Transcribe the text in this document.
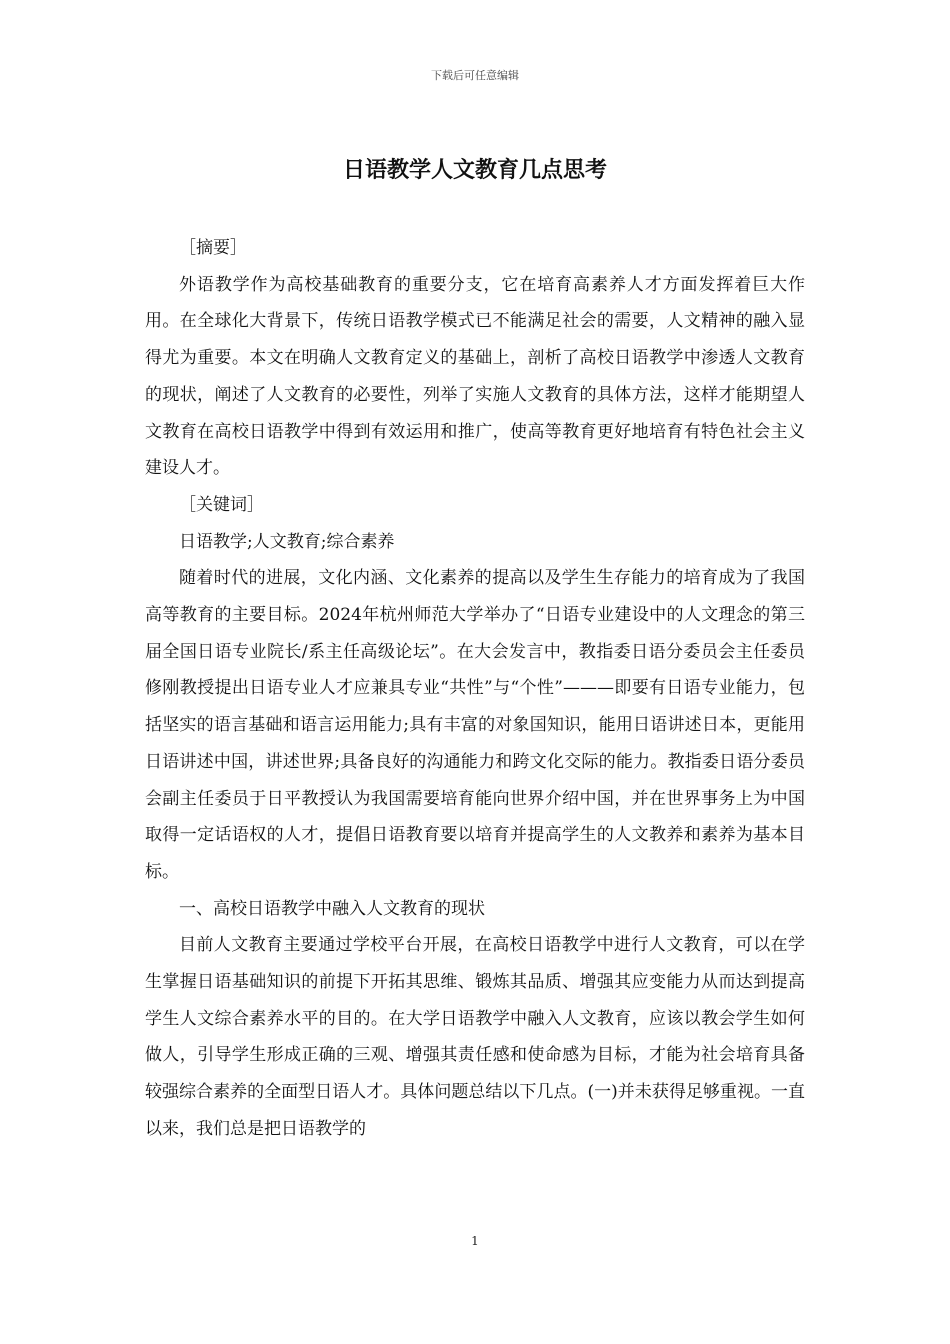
下载后可任意编辑
日语教学人文教育几点思考

［摘要］

外语教学作为高校基础教育的重要分支，它在培育高素养人才方面发挥着巨大作用。在全球化大背景下，传统日语教学模式已不能满足社会的需要，人文精神的融入显得尤为重要。本文在明确人文教育定义的基础上，剖析了高校日语教学中渗透人文教育的现状，阐述了人文教育的必要性，列举了实施人文教育的具体方法，这样才能期望人文教育在高校日语教学中得到有效运用和推广，使高等教育更好地培育有特色社会主义建设人才。

［关键词］

日语教学;人文教育;综合素养

随着时代的进展，文化内涵、文化素养的提高以及学生生存能力的培育成为了我国高等教育的主要目标。2024年杭州师范大学举办了“日语专业建设中的人文理念的第三届全国日语专业院长/系主任高级论坛”。在大会发言中，教指委日语分委员会主任委员修刚教授提出日语专业人才应兼具专业“共性”与“个性”———即要有日语专业能力，包括坚实的语言基础和语言运用能力;具有丰富的对象国知识，能用日语讲述日本，更能用日语讲述中国，讲述世界;具备良好的沟通能力和跨文化交际的能力。教指委日语分委员会副主任委员于日平教授认为我国需要培育能向世界介绍中国，并在世界事务上为中国取得一定话语权的人才，提倡日语教育要以培育并提高学生的人文教养和素养为基本目标。

一、高校日语教学中融入人文教育的现状

目前人文教育主要通过学校平台开展，在高校日语教学中进行人文教育，可以在学生掌握日语基础知识的前提下开拓其思维、锻炼其品质、增强其应变能力从而达到提高学生人文综合素养水平的目的。在大学日语教学中融入人文教育，应该以教会学生如何做人，引导学生形成正确的三观、增强其责任感和使命感为目标，才能为社会培育具备较强综合素养的全面型日语人才。具体问题总结以下几点。(一)并未获得足够重视。一直以来，我们总是把日语教学的

1
